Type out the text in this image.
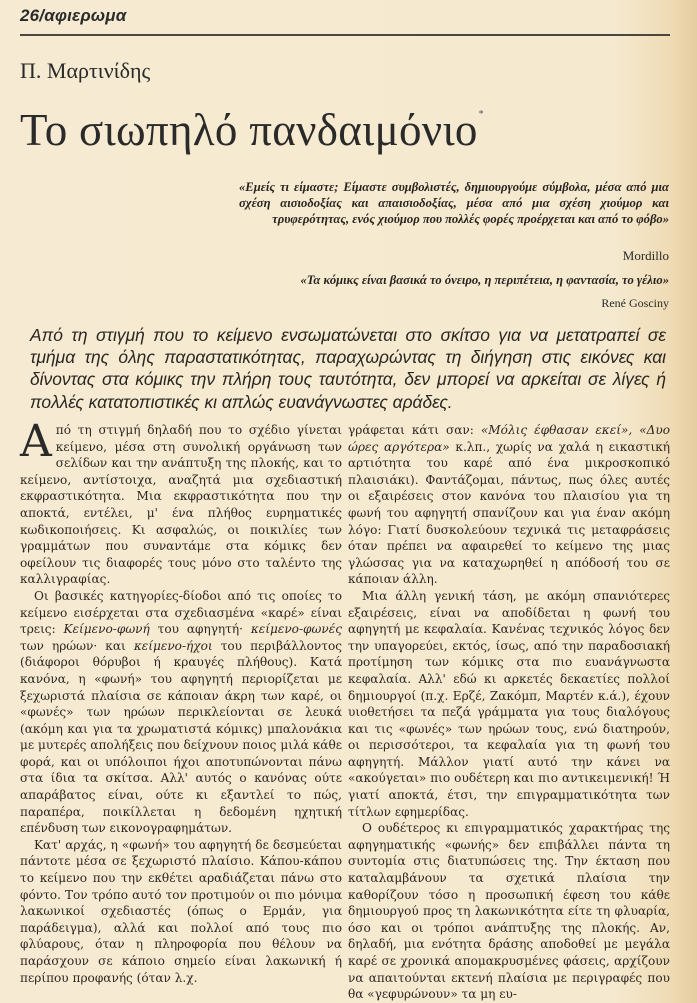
26/αφιερωμα
Π. Μαρτινίδης
Το σιωπηλό πανδαιμόνιο*
«Εμείς τι είμαστε; Είμαστε συμβολιστές, δημιουργούμε σύμβολα, μέσα από μια σχέση αισιοδοξίας και απαισιοδοξίας, μέσα από μια σχέση χιούμορ και τρυφερότητας, ενός χιούμορ που πολλές φορές προέρχεται και από το φόβο»
Mordillo
«Τα κόμικς είναι βασικά το όνειρο, η περιπέτεια, η φαντασία, το γέλιο»
René Gosciny
Από τη στιγμή που το κείμενο ενσωματώνεται στο σκίτσο για να μετατραπεί σε τμήμα της όλης παραστατικότητας, παραχωρώντας τη διήγηση στις εικόνες και δίνοντας στα κόμικς την πλήρη τους ταυτότητα, δεν μπορεί να αρκείται σε λίγες ή πολλές κατατοπιστικές κι απλώς ευανάγνωστες αράδες.

Από τη στιγμή δηλαδή που το σχέδιο γίνεται κείμενο, μέσα στη συνολική οργάνωση των σελίδων και την ανάπτυξη της πλοκής, και το κείμενο, αντίστοιχα, αναζητά μια σχεδιαστική εκφραστικότητα. Μια εκφραστικότητα που την αποκτά, εντέλει, μ' ένα πλήθος ευρηματικές κωδικοποιήσεις. Κι ασφαλώς, οι ποικιλίες των γραμμάτων που συναντάμε στα κόμικς δεν οφείλουν τις διαφορές τους μόνο στο ταλέντο της καλλιγραφίας.

Οι βασικές κατηγορίες-δίοδοι από τις οποίες το κείμενο εισέρχεται στα σχεδιασμένα «καρέ» είναι τρεις: Κείμενο-φωνή του αφηγητή· κείμενο-φωνές των ηρώων· και κείμενο-ήχοι του περιβάλλοντος (διάφοροι θόρυβοι ή κραυγές πλήθους). Κατά κανόνα, η «φωνή» του αφηγητή περιορίζεται με ξεχωριστά πλαίσια σε κάποιαν άκρη των καρέ, οι «φωνές» των ηρώων περικλείονται σε λευκά (ακόμη και για τα χρωματιστά κόμικς) μπαλονάκια με μυτερές απολήξεις που δείχνουν ποιος μιλά κάθε φορά, και οι υπόλοιποι ήχοι αποτυπώνονται πάνω στα ίδια τα σκίτσα. Αλλ' αυτός ο κανόνας ούτε απαράβατος είναι, ούτε κι εξαντλεί το πώς, παραπέρα, ποικίλλεται η δεδομένη ηχητική επένδυση των εικονογραφημάτων.

Κατ' αρχάς, η «φωνή» του αφηγητή δε δεσμεύεται πάντοτε μέσα σε ξεχωριστό πλαίσιο. Κάπου-κάπου το κείμενο που την εκθέτει αραδιάζεται πάνω στο φόντο. Τον τρόπο αυτό τον προτιμούν οι πιο μόνιμα λακωνικοί σχεδιαστές (όπως ο Ερμάν, για παράδειγμα), αλλά και πολλοί από τους πιο φλύαρους, όταν η πληροφορία που θέλουν να παράσχουν σε κάποιο σημείο είναι λακωνική ή περίπου προφανής (όταν λ.χ.

γράφεται κάτι σαν: «Μόλις έφθασαν εκεί», «Δυο ώρες αργότερα» κ.λπ., χωρίς να χαλά η εικαστική αρτιότητα του καρέ από ένα μικροσκοπικό πλαισιάκι). Φαντάζομαι, πάντως, πως όλες αυτές οι εξαιρέσεις στον κανόνα του πλαισίου για τη φωνή του αφηγητή σπανίζουν και για έναν ακόμη λόγο: Γιατί δυσκολεύουν τεχνικά τις μεταφράσεις όταν πρέπει να αφαιρεθεί το κείμενο της μιας γλώσσας για να καταχωρηθεί η απόδοσή του σε κάποιαν άλλη.

Μια άλλη γενική τάση, με ακόμη σπανιότερες εξαιρέσεις, είναι να αποδίδεται η φωνή του αφηγητή με κεφαλαία. Κανένας τεχνικός λόγος δεν την υπαγορεύει, εκτός, ίσως, από την παραδοσιακή προτίμηση των κόμικς στα πιο ευανάγνωστα κεφαλαία. Αλλ' εδώ κι αρκετές δεκαετίες πολλοί δημιουργοί (π.χ. Ερζέ, Ζακόμπ, Μαρτέν κ.ά.), έχουν υιοθετήσει τα πεζά γράμματα για τους διαλόγους και τις «φωνές» των ηρώων τους, ενώ διατηρούν, οι περισσότεροι, τα κεφαλαία για τη φωνή του αφηγητή. Μάλλον γιατί αυτό την κάνει να «ακούγεται» πιο ουδέτερη και πιο αντικειμενική! Ή γιατί αποκτά, έτσι, την επιγραμματικότητα των τίτλων εφημερίδας.

Ο ουδέτερος κι επιγραμματικός χαρακτήρας της αφηγηματικής «φωνής» δεν επιβάλλει πάντα τη συντομία στις διατυπώσεις της. Την έκταση που καταλαμβάνουν τα σχετικά πλαίσια την καθορίζουν τόσο η προσωπική έφεση του κάθε δημιουργού προς τη λακωνικότητα είτε τη φλυαρία, όσο και οι τρόποι ανάπτυξης της πλοκής. Αν, δηλαδή, μια ενότητα δράσης αποδοθεί με μεγάλα καρέ σε χρονικά απομακρυσμένες φάσεις, αρχίζουν να απαιτούνται εκτενή πλαίσια με περιγραφές που θα «γεφυρώνουν» τα μη ευ-
